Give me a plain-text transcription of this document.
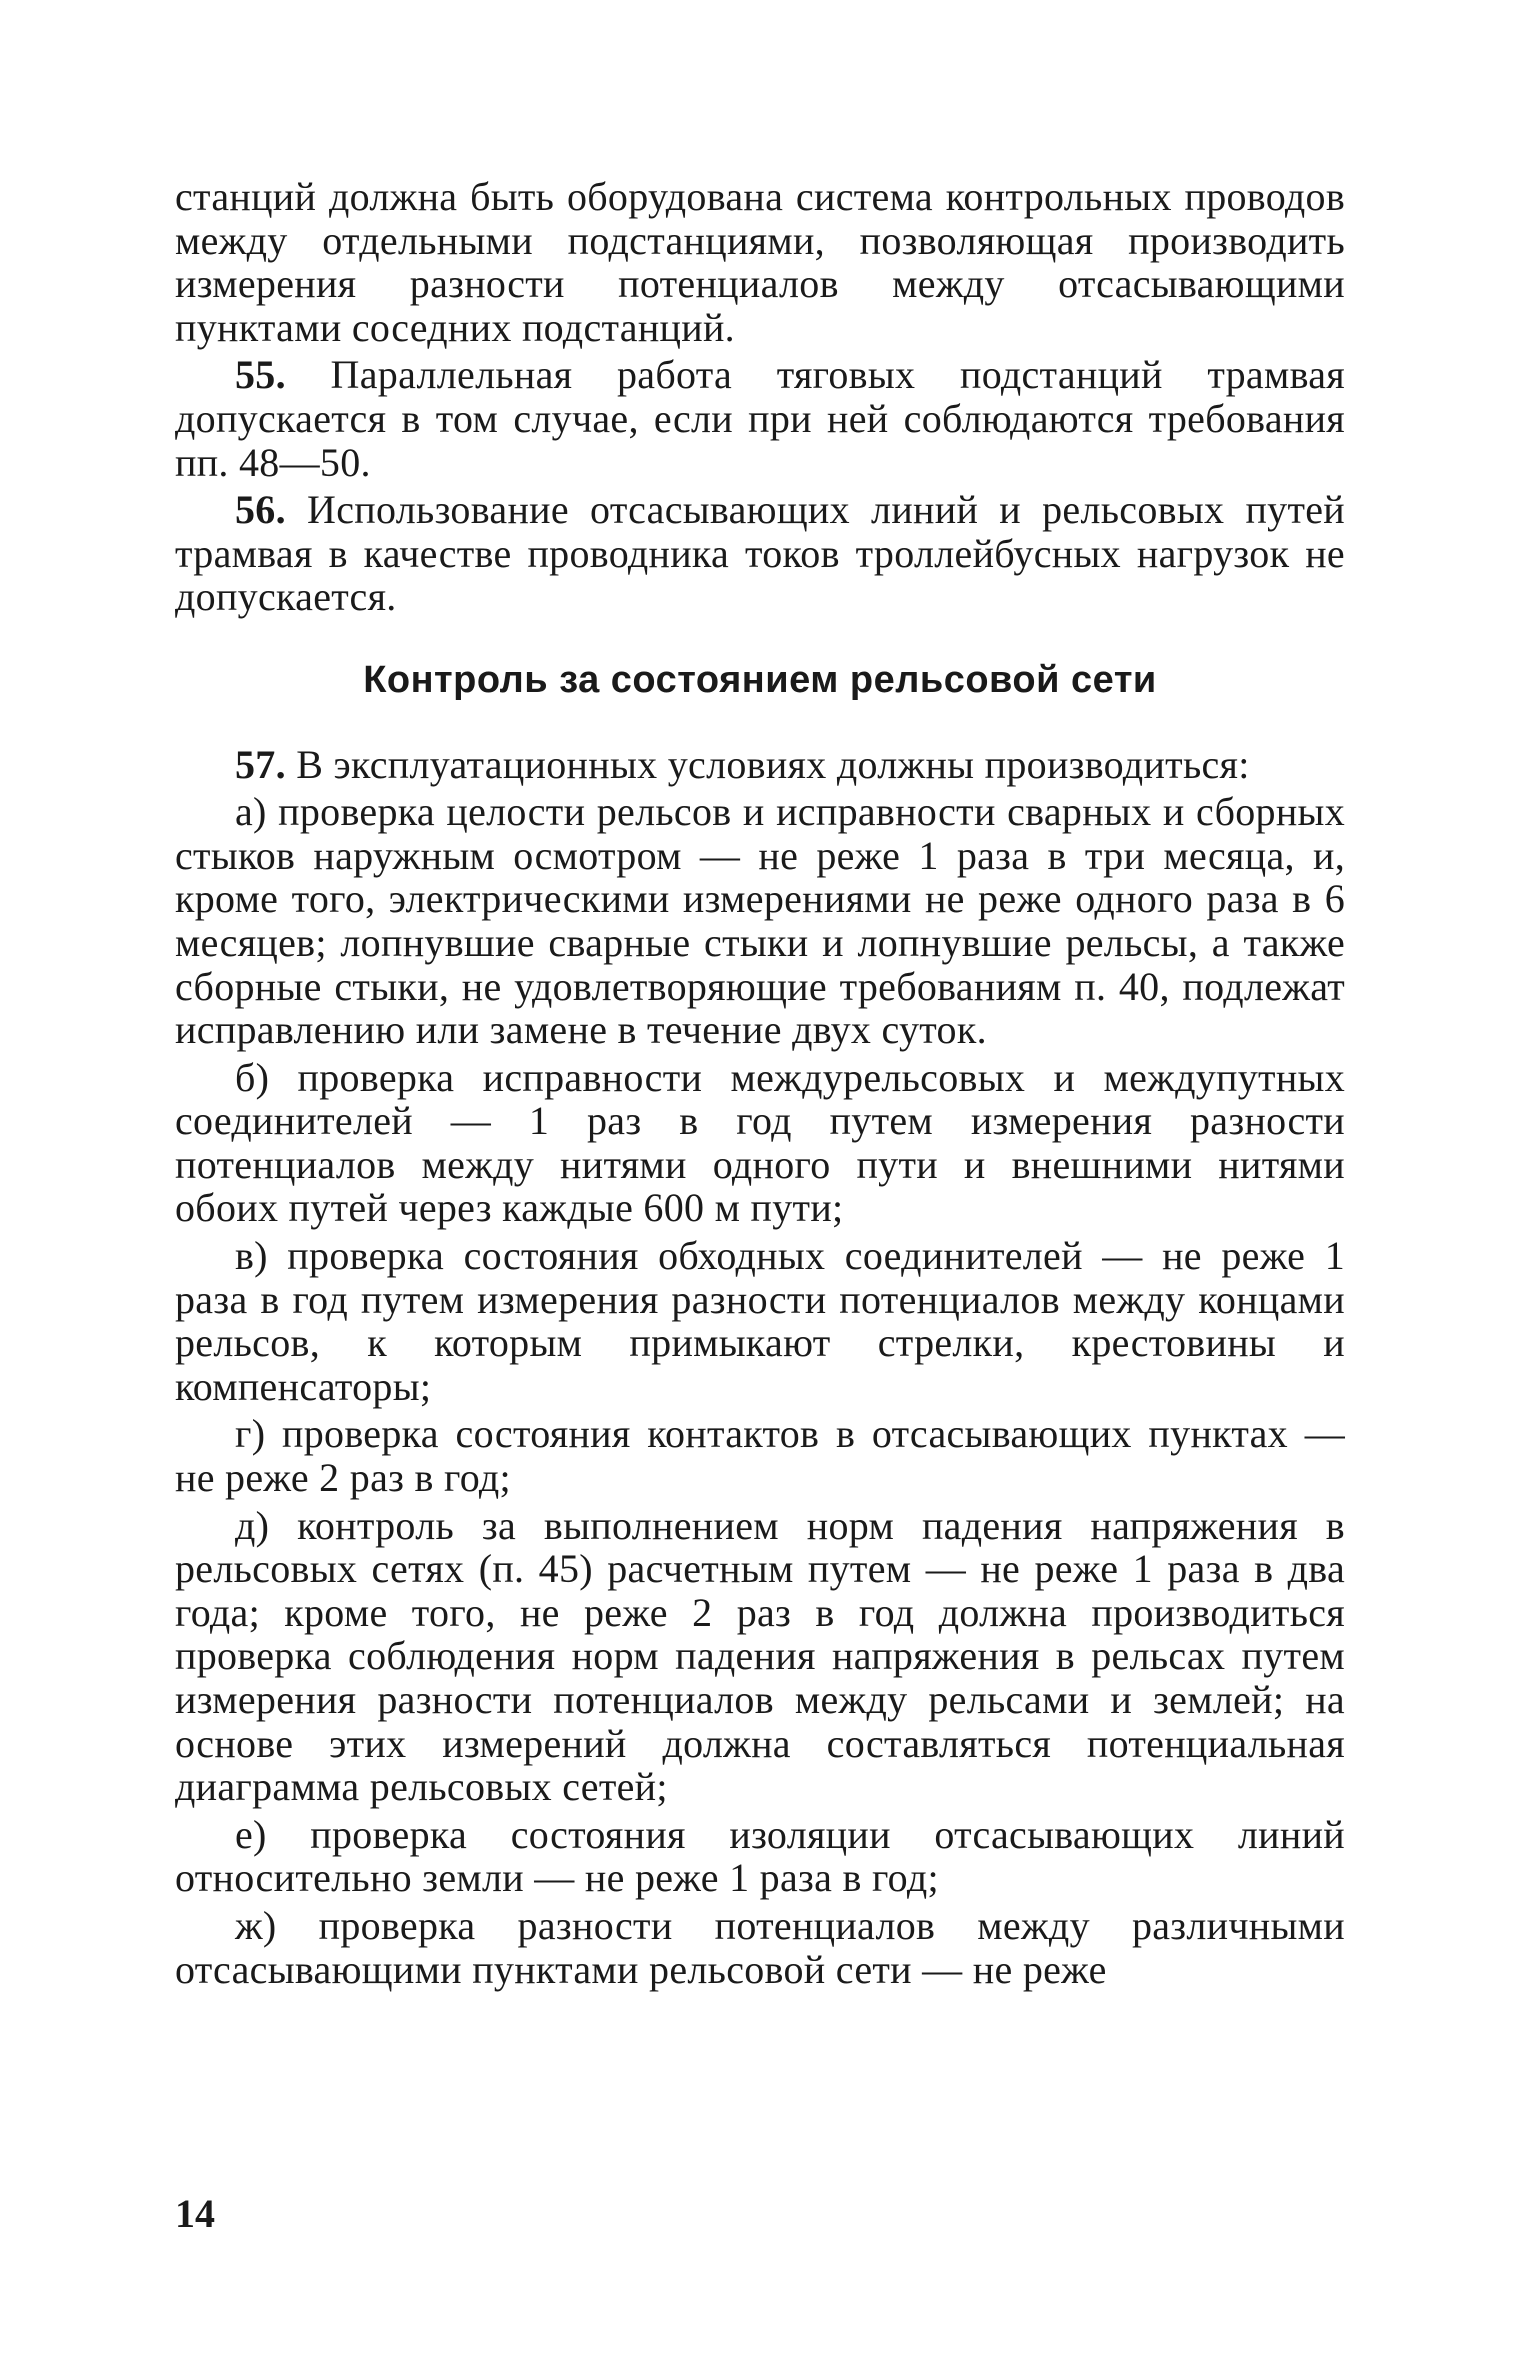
станций должна быть оборудована система контрольных проводов между отдельными подстанциями, позволяющая производить измерения разности потенциалов между отсасывающими пунктами соседних подстанций.

55. Параллельная работа тяговых подстанций трамвая допускается в том случае, если при ней соблюдаются требования пп. 48—50.

56. Использование отсасывающих линий и рельсовых путей трамвая в качестве проводника токов троллейбусных нагрузок не допускается.

Контроль за состоянием рельсовой сети

57. В эксплуатационных условиях должны производиться:

а) проверка целости рельсов и исправности сварных и сборных стыков наружным осмотром — не реже 1 раза в три месяца, и, кроме того, электрическими измерениями не реже одного раза в 6 месяцев; лопнувшие сварные стыки и лопнувшие рельсы, а также сборные стыки, не удовлетворяющие требованиям п. 40, подлежат исправлению или замене в течение двух суток.

б) проверка исправности междурельсовых и междупутных соединителей — 1 раз в год путем измерения разности потенциалов между нитями одного пути и внешними нитями обоих путей через каждые 600 м пути;

в) проверка состояния обходных соединителей — не реже 1 раза в год путем измерения разности потенциалов между концами рельсов, к которым примыкают стрелки, крестовины и компенсаторы;

г) проверка состояния контактов в отсасывающих пунктах — не реже 2 раз в год;

д) контроль за выполнением норм падения напряжения в рельсовых сетях (п. 45) расчетным путем — не реже 1 раза в два года; кроме того, не реже 2 раз в год должна производиться проверка соблюдения норм падения напряжения в рельсах путем измерения разности потенциалов между рельсами и землей; на основе этих измерений должна составляться потенциальная диаграмма рельсовых сетей;

е) проверка состояния изоляции отсасывающих линий относительно земли — не реже 1 раза в год;

ж) проверка разности потенциалов между различными отсасывающими пунктами рельсовой сети — не реже

14
